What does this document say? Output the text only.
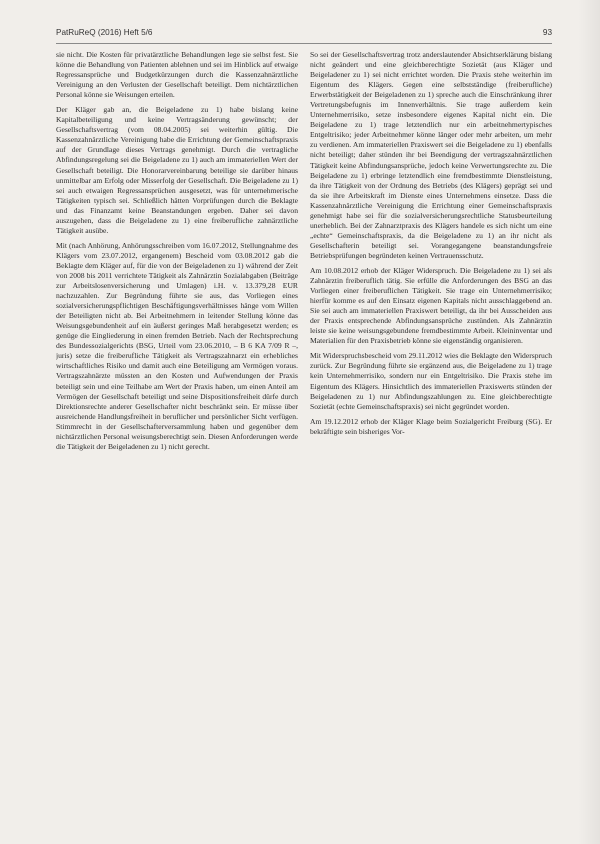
PatRuReQ (2016) Heft 5/6	93

sie nicht. Die Kosten für privatärztliche Behandlungen lege sie selbst fest. Sie könne die Behandlung von Patienten ablehnen und sei im Hinblick auf etwaige Regressansprüche und Budgetkürzungen durch die Kassenzahnärztliche Vereinigung an den Verlusten der Gesellschaft beteiligt. Dem nichtärztlichen Personal könne sie Weisungen erteilen.

Der Kläger gab an, die Beigeladene zu 1) habe bislang keine Kapitalbeteiligung und keine Vertragsänderung gewünscht; der Gesellschaftsvertrag (vom 08.04.2005) sei weiterhin gültig. Die Kassenzahnärztliche Vereinigung habe die Errichtung der Gemeinschaftspraxis auf der Grundlage dieses Vertrags genehmigt. Durch die vertragliche Abfindungsregelung sei die Beigeladene zu 1) auch am immateriellen Wert der Gesellschaft beteiligt. Die Honorarvereinbarung beteilige sie darüber hinaus unmittelbar am Erfolg oder Misserfolg der Gesellschaft. Die Beigeladene zu 1) sei auch etwaigen Regressansprüchen ausgesetzt, was für unternehmerische Tätigkeiten typisch sei. Schließlich hätten Vorprüfungen durch die Beklagte und das Finanzamt keine Beanstandungen ergeben. Daher sei davon auszugehen, dass die Beigeladene zu 1) eine freiberufliche zahnärztliche Tätigkeit ausübe.

Mit (nach Anhörung, Anhörungsschreiben vom 16.07.2012, Stellungnahme des Klägers vom 23.07.2012, ergangenem) Bescheid vom 03.08.2012 gab die Beklagte dem Kläger auf, für die von der Beigeladenen zu 1) während der Zeit von 2008 bis 2011 verrichtete Tätigkeit als Zahnärztin Sozialabgaben (Beiträge zur Arbeitslosenversicherung und Umlagen) i.H. v. 13.379,28 EUR nachzuzahlen. Zur Begründung führte sie aus, das Vorliegen eines sozialversicherungspflichtigen Beschäftigungsverhältnisses hänge vom Willen der Beteiligten nicht ab. Bei Arbeitnehmern in leitender Stellung könne das Weisungsgebundenheit auf ein äußerst geringes Maß herabgesetzt werden; es genüge die Eingliederung in einen fremden Betrieb. Nach der Rechtsprechung des Bundessozialgerichts (BSG, Urteil vom 23.06.2010, – B 6 KA 7/09 R –, juris) setze die freiberufliche Tätigkeit als Vertragszahnarzt ein erhebliches wirtschaftliches Risiko und damit auch eine Beteiligung am Vermögen voraus. Vertragszahnärzte müssten an den Kosten und Aufwendungen der Praxis beteiligt sein und eine Teilhabe am Wert der Praxis haben, um einen Anteil am Vermögen der Gesellschaft beteiligt und seine Dispositionsfreiheit dürfe durch Direktionsrechte anderer Gesellschafter nicht beschränkt sein. Er müsse über ausreichende Handlungsfreiheit in beruflicher und persönlicher Sicht verfügen. Stimmrecht in der Gesellschafterversammlung haben und gegenüber dem nichtärztlichen Personal weisungsberechtigt sein. Diesen Anforderungen werde die Tätigkeit der Beigeladenen zu 1) nicht gerecht.

So sei der Gesellschaftsvertrag trotz anderslautender Absichtserklärung bislang nicht geändert und eine gleichberechtigte Sozietät (aus Kläger und Beigeladener zu 1) sei nicht errichtet worden. Die Praxis stehe weiterhin im Eigentum des Klägers. Gegen eine selbstständige (freiberufliche) Erwerbstätigkeit der Beigeladenen zu 1) spreche auch die Einschränkung ihrer Vertretungsbefugnis im Innenverhältnis. Sie trage außerdem kein Unternehmerrisiko, setze insbesondere eigenes Kapital nicht ein. Die Beigeladene zu 1) trage letztendlich nur ein arbeitnehmertypisches Entgeltrisiko; jeder Arbeitnehmer könne länger oder mehr arbeiten, um mehr zu verdienen. Am immateriellen Praxiswert sei die Beigeladene zu 1) ebenfalls nicht beteiligt; daher stünden ihr bei Beendigung der vertragszahnärztlichen Tätigkeit keine Abfindungsansprüche, jedoch keine Verwertungsrechte zu. Die Beigeladene zu 1) erbringe letztendlich eine fremdbestimmte Dienstleistung, da ihre Tätigkeit von der Ordnung des Betriebs (des Klägers) geprägt sei und da sie ihre Arbeitskraft im Dienste eines Unternehmens einsetze. Dass die Kassenzahnärztliche Vereinigung die Errichtung einer Gemeinschaftspraxis genehmigt habe sei für die sozialversicherungsrechtliche Statusbeurteilung unerheblich. Bei der Zahnarztpraxis des Klägers handele es sich nicht um eine „echte“ Gemeinschaftspraxis, da die Beigeladene zu 1) an ihr nicht als Gesellschafterin beteiligt sei. Vorangegangene beanstandungsfreie Betriebsprüfungen begründeten keinen Vertrauensschutz.

Am 10.08.2012 erhob der Kläger Widerspruch. Die Beigeladene zu 1) sei als Zahnärztin freiberuflich tätig. Sie erfülle die Anforderungen des BSG an das Vorliegen einer freiberuflichen Tätigkeit. Sie trage ein Unternehmerrisiko; hierfür komme es auf den Einsatz eigenen Kapitals nicht ausschlaggebend an. Sie sei auch am immateriellen Praxiswert beteiligt, da ihr bei Ausscheiden aus der Praxis entsprechende Abfindungsansprüche zustünden. Als Zahnärztin leiste sie keine weisungsgebundene fremdbestimmte Arbeit. Kleininventar und Materialien für den Praxisbetrieb könne sie eigenständig organisieren.

Mit Widerspruchsbescheid vom 29.11.2012 wies die Beklagte den Widerspruch zurück. Zur Begründung führte sie ergänzend aus, die Beigeladene zu 1) trage kein Unternehmerrisiko, sondern nur ein Entgeltrisiko. Die Praxis stehe im Eigentum des Klägers. Hinsichtlich des immateriellen Praxiswerts stünden der Beigeladenen zu 1) nur Abfindungszahlungen zu. Eine gleichberechtigte Sozietät (echte Gemeinschaftspraxis) sei nicht gegründet worden.

Am 19.12.2012 erhob der Kläger Klage beim Sozialgericht Freiburg (SG). Er bekräftigte sein bisheriges Vor-
